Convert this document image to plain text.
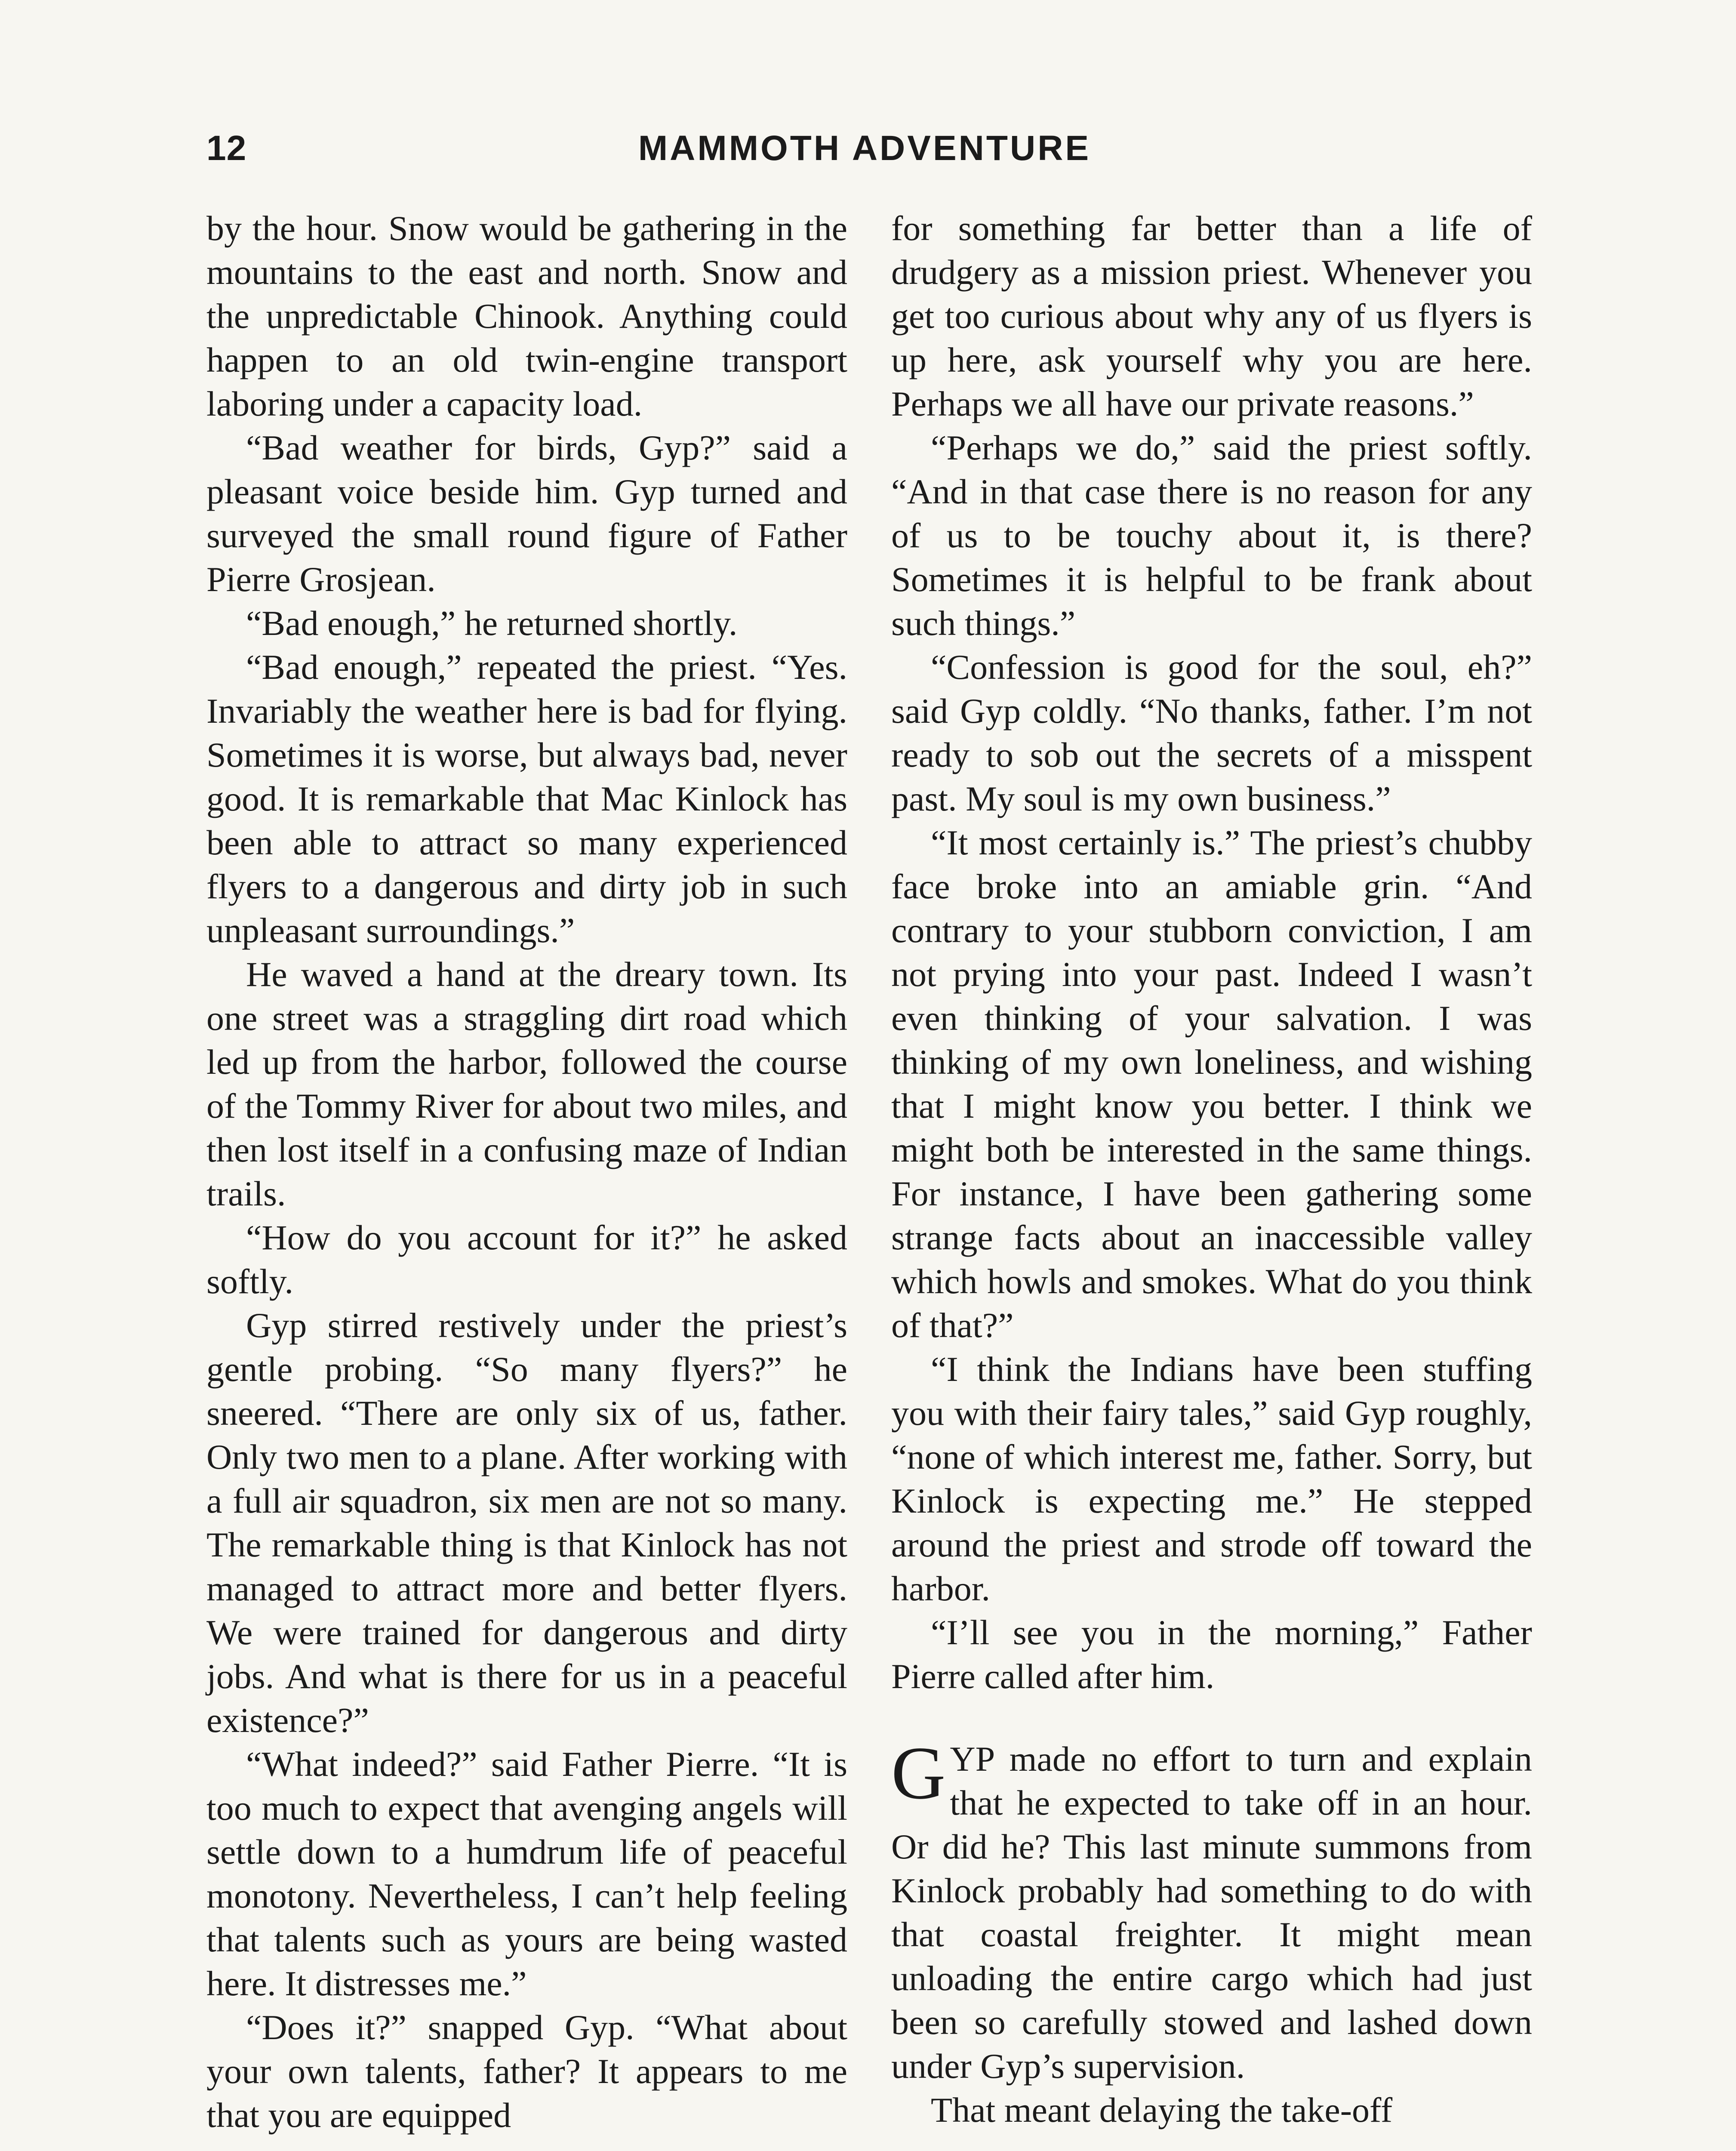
12	MAMMOTH ADVENTURE

by the hour. Snow would be gathering in the mountains to the east and north. Snow and the unpredictable Chinook. Anything could happen to an old twin-engine transport laboring under a capacity load.

“Bad weather for birds, Gyp?” said a pleasant voice beside him. Gyp turned and surveyed the small round figure of Father Pierre Grosjean.

“Bad enough,” he returned shortly.

“Bad enough,” repeated the priest. “Yes. Invariably the weather here is bad for flying. Sometimes it is worse, but always bad, never good. It is remarkable that Mac Kinlock has been able to attract so many experienced flyers to a dangerous and dirty job in such unpleasant surroundings.”

He waved a hand at the dreary town. Its one street was a straggling dirt road which led up from the harbor, followed the course of the Tommy River for about two miles, and then lost itself in a confusing maze of Indian trails.

“How do you account for it?” he asked softly.

Gyp stirred restively under the priest’s gentle probing. “So many flyers?” he sneered. “There are only six of us, father. Only two men to a plane. After working with a full air squadron, six men are not so many. The remarkable thing is that Kinlock has not managed to attract more and better flyers. We were trained for dangerous and dirty jobs. And what is there for us in a peaceful existence?”

“What indeed?” said Father Pierre. “It is too much to expect that avenging angels will settle down to a humdrum life of peaceful monotony. Nevertheless, I can’t help feeling that talents such as yours are being wasted here. It distresses me.”

“Does it?” snapped Gyp. “What about your own talents, father? It appears to me that you are equipped

for something far better than a life of drudgery as a mission priest. Whenever you get too curious about why any of us flyers is up here, ask yourself why you are here. Perhaps we all have our private reasons.”

“Perhaps we do,” said the priest softly. “And in that case there is no reason for any of us to be touchy about it, is there? Sometimes it is helpful to be frank about such things.”

“Confession is good for the soul, eh?” said Gyp coldly. “No thanks, father. I’m not ready to sob out the secrets of a misspent past. My soul is my own business.”

“It most certainly is.” The priest’s chubby face broke into an amiable grin. “And contrary to your stubborn conviction, I am not prying into your past. Indeed I wasn’t even thinking of your salvation. I was thinking of my own loneliness, and wishing that I might know you better. I think we might both be interested in the same things. For instance, I have been gathering some strange facts about an inaccessible valley which howls and smokes. What do you think of that?”

“I think the Indians have been stuffing you with their fairy tales,” said Gyp roughly, “none of which interest me, father. Sorry, but Kinlock is expecting me.” He stepped around the priest and strode off toward the harbor.

“I’ll see you in the morning,” Father Pierre called after him.

GYP made no effort to turn and explain that he expected to take off in an hour. Or did he? This last minute summons from Kinlock probably had something to do with that coastal freighter. It might mean unloading the entire cargo which had just been so carefully stowed and lashed down under Gyp’s supervision.

That meant delaying the take-off
